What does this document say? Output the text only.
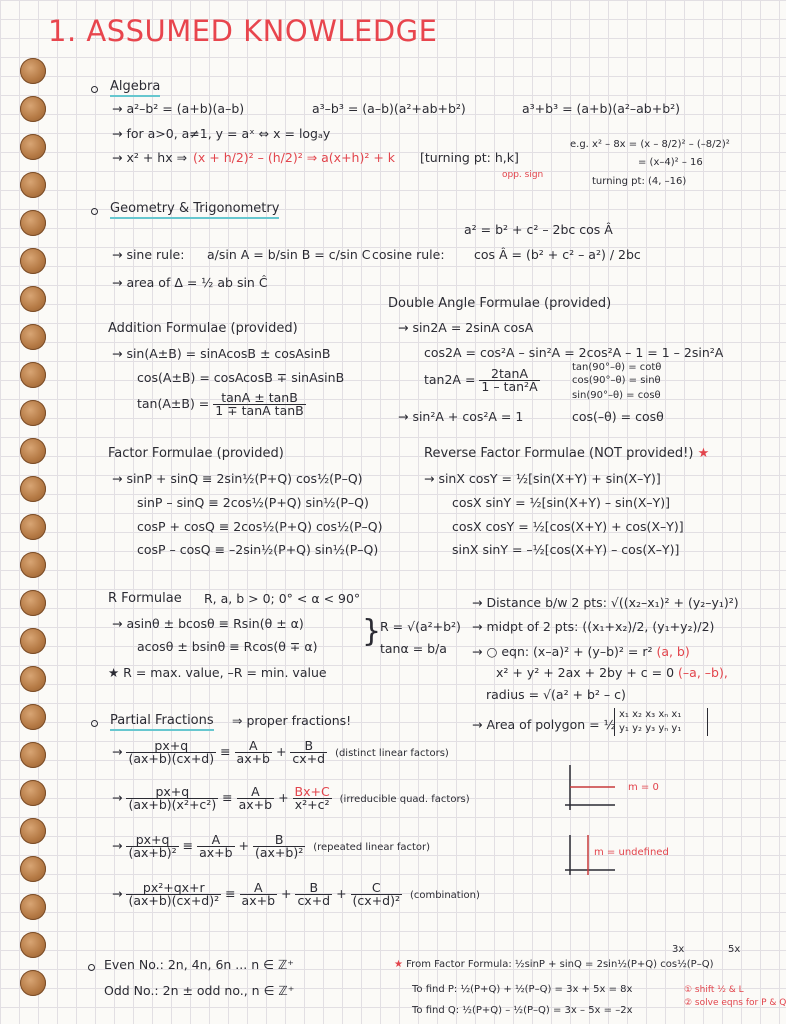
1. ASSUMED KNOWLEDGE
Algebra
→ a²–b² = (a+b)(a–b)	a³–b³ = (a–b)(a²+ab+b²)	a³+b³ = (a+b)(a²–ab+b²)
→ for a>0, a≠1, y = aˣ ⇔ x = logₐy
→ x² + hx ⇒ (x + h/2)² – (h/2)² ⇒ a(x+h)² + k [turning pt: h,k]
opp. sign
e.g. x² – 8x = (x – 8/2)² – (–8/2)²
= (x–4)² – 16
turning pt: (4, –16)
Geometry & Trigonometry
a² = b² + c² – 2bc cos Â
→ sine rule: a/sin A = b/sin B = c/sin C cosine rule: cos Â = (b² + c² – a²) / 2bc
→ area of Δ = ½ ab sin Ĉ
Double Angle Formulae (provided)
→ sin2A = 2sinA cosA
cos2A = cos²A – sin²A = 2cos²A – 1 = 1 – 2sin²A
$\tan 2A = \frac{2\tan A}{\text{1 – tan²A}}$
tan(90°–θ) = cotθ
cos(90°–θ) = sinθ
sin(90°–θ) = cosθ
→ sin²A + cos²A = 1	cos(–θ) = cosθ
Addition Formulae (provided)
→ sin(A±B) = sinAcosB ± cosAsinB
cos(A±B) = cosAcosB ∓ sinAsinB
$\tan(A\pm B) = \frac{\tan A \pm \tan B}{\text{1 ∓ tanA tanB}}$
Factor Formulae (provided)
→ sinP + sinQ ≡ 2sin½(P+Q) cos½(P–Q)
sinP – sinQ ≡ 2cos½(P+Q) sin½(P–Q)
cosP + cosQ ≡ 2cos½(P+Q) cos½(P–Q)
cosP – cosQ ≡ –2sin½(P+Q) sin½(P–Q)
Reverse Factor Formulae (NOT provided!) ★
→ sinX cosY = ½[sin(X+Y) + sin(X–Y)]
cosX sinY = ½[sin(X+Y) – sin(X–Y)]
cosX cosY = ½[cos(X+Y) + cos(X–Y)]
sinX sinY = –½[cos(X+Y) – cos(X–Y)]
R Formulae R, a, b > 0; 0° < α < 90°
→ asinθ ± bcosθ ≡ Rsin(θ ± α)
acosθ ± bsinθ ≡ Rcos(θ ∓ α) }
R = √(a²+b²)
tanα = b/a
★ R = max. value, –R = min. value
→ Distance b/w 2 pts: √((x₂–x₁)² + (y₂–y₁)²)
→ midpt of 2 pts: ((x₁+x₂)/2, (y₁+y₂)/2)
→ ○ eqn: (x–a)² + (y–b)² = r² (a, b)
x² + y² + 2ax + 2by + c = 0 (–a, –b),
radius = √(a² + b² – c)
→ Area of polygon = ½
x₁ x₂ x₃ xₙ x₁
y₁ y₂ y₃ yₙ y₁
Partial Fractions ⇒ proper fractions!
→ $\frac{px+q}{(ax+b)(cx+d)} \equiv \frac{A}{ax+b} + \frac{B}{cx+d}$ (distinct linear factors)
→ $\frac{px+q}{\text{(ax+b)(x²+c²)}} \equiv \frac{A}{ax+b} + \frac{Bx+C}{\text{x²+c²}}$ (irreducible quad. factors)
→ $\frac{px+q}{\text{(ax+b)²}} \equiv \frac{A}{ax+b} + \frac{B}{\text{(ax+b)²}}$ (repeated linear factor)
→ $\frac{\text{px²+qx+r}}{\text{(ax+b)(cx+d)²}} \equiv \frac{A}{ax+b} + \frac{B}{cx+d} + \frac{C}{\text{(cx+d)²}}$ (combination)
m = 0
m = undefined
Even No.: 2n, 4n, 6n ... n ∈ ℤ⁺
Odd No.: 2n ± odd no., n ∈ ℤ⁺
3x	5x
★ From Factor Formula: ½sinP + sinQ = 2sin½(P+Q) cos½(P–Q)
To find P: ½(P+Q) + ½(P–Q) = 3x + 5x = 8x
To find Q: ½(P+Q) – ½(P–Q) = 3x – 5x = –2x
① shift ½ & L
② solve eqns for P & Q
